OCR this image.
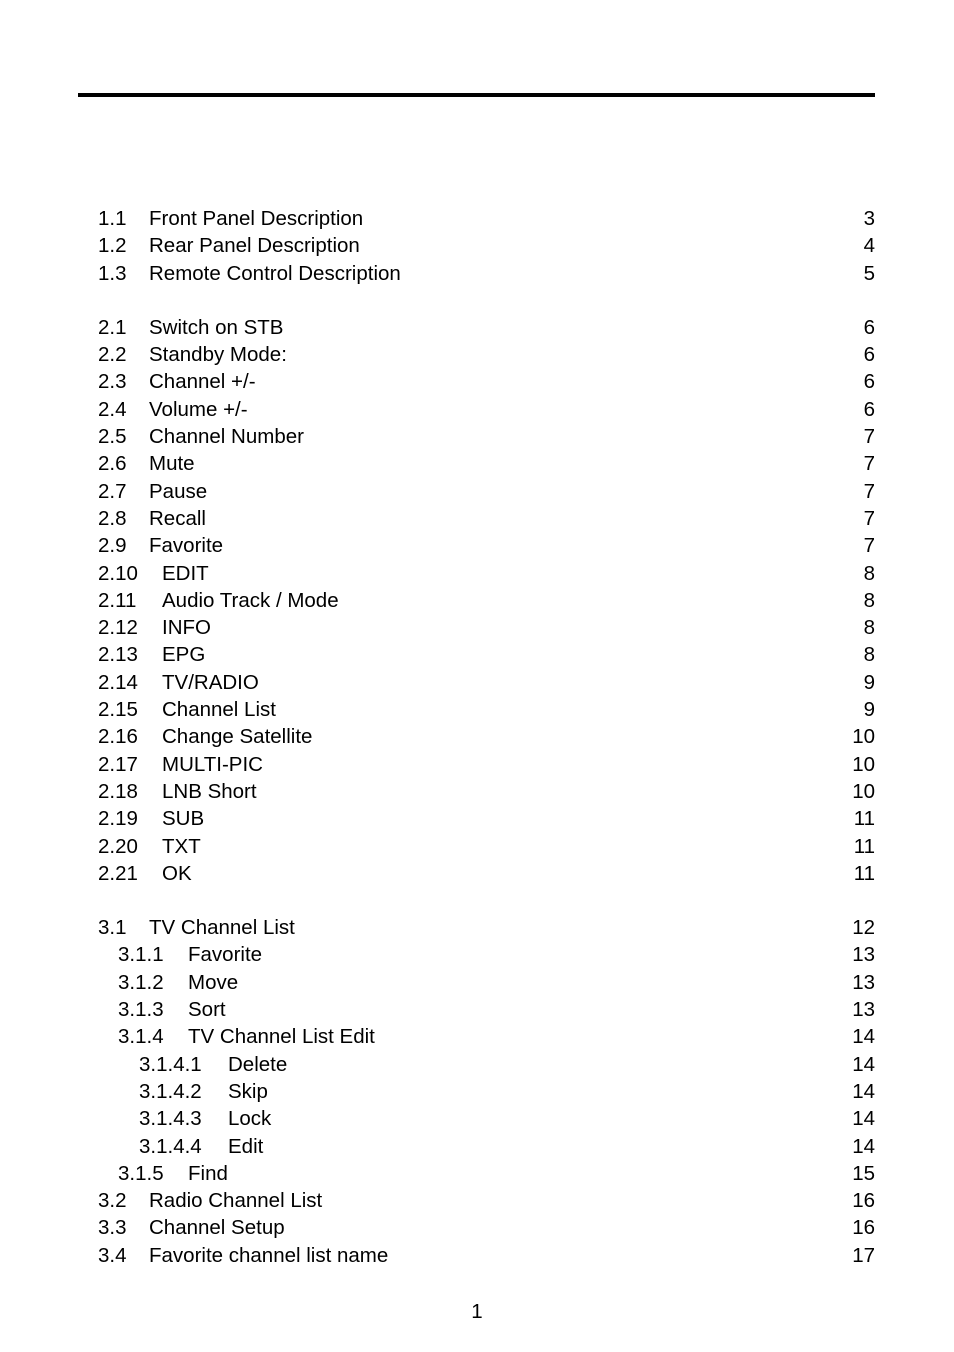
1.1	Front Panel Description	3
1.2	Rear Panel Description	4
1.3	Remote Control Description	5
2.1	Switch on STB	6
2.2	Standby Mode:	6
2.3	Channel +/-	6
2.4	Volume +/-	6
2.5	Channel Number	7
2.6	Mute	7
2.7	Pause	7
2.8	Recall	7
2.9	Favorite	7
2.10	EDIT	8
2.11	Audio Track / Mode	8
2.12	INFO	8
2.13	EPG	8
2.14	TV/RADIO	9
2.15	Channel List	9
2.16	Change Satellite	10
2.17	MULTI-PIC	10
2.18	LNB Short	10
2.19	SUB	11
2.20	TXT	11
2.21	OK	11
3.1	TV Channel List	12
3.1.1	Favorite	13
3.1.2	Move	13
3.1.3	Sort	13
3.1.4	TV Channel List Edit	14
3.1.4.1	Delete	14
3.1.4.2	Skip	14
3.1.4.3	Lock	14
3.1.4.4	Edit	14
3.1.5	Find	15
3.2	Radio Channel List	16
3.3	Channel Setup	16
3.4	Favorite channel list name	17
1
